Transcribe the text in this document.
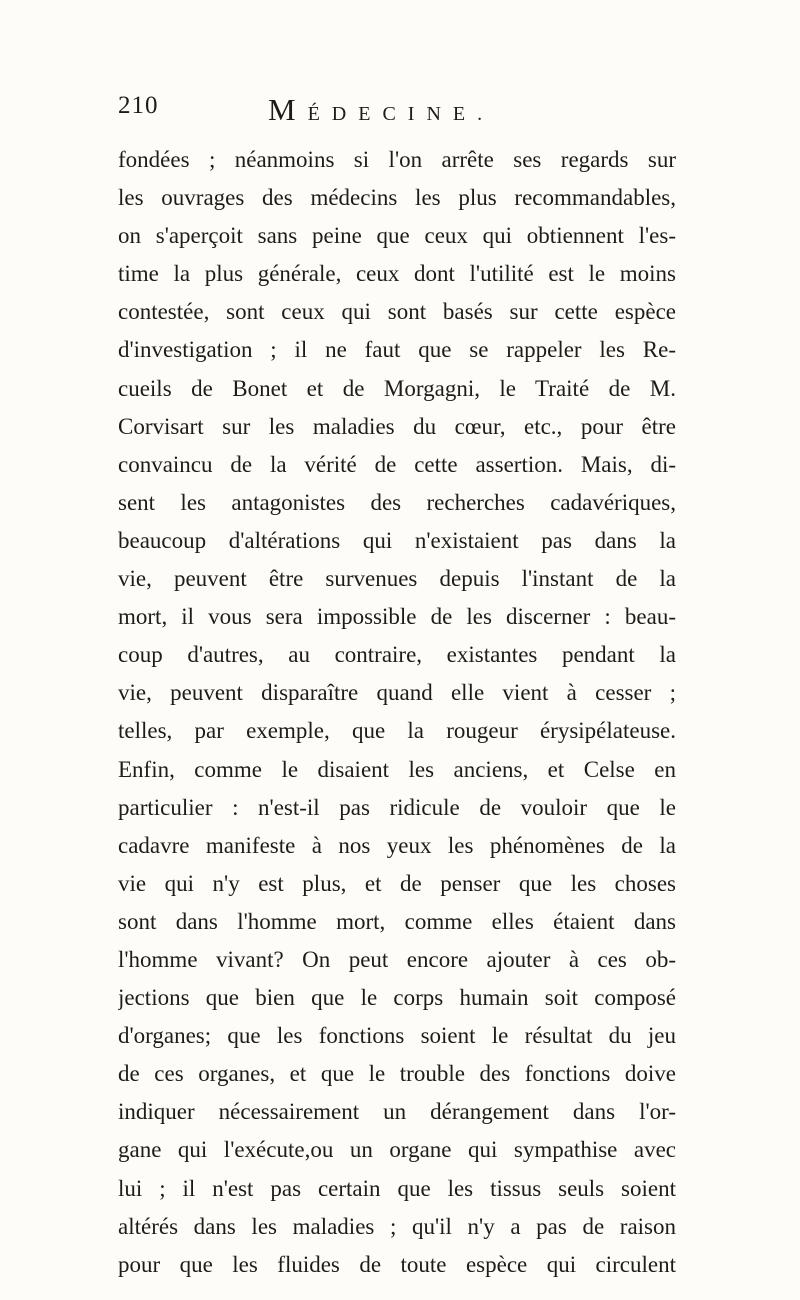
210	MÉDECINE.
fondées ; néanmoins si l'on arrête ses regards sur
les ouvrages des médecins les plus recommandables,
on s'aperçoit sans peine que ceux qui obtiennent l'es-
time la plus générale, ceux dont l'utilité est le moins
contestée, sont ceux qui sont basés sur cette espèce
d'investigation ; il ne faut que se rappeler les Re-
cueils de Bonet et de Morgagni, le Traité de M.
Corvisart sur les maladies du cœur, etc., pour être
convaincu de la vérité de cette assertion. Mais, di-
sent les antagonistes des recherches cadavériques,
beaucoup d'altérations qui n'existaient pas dans la
vie, peuvent être survenues depuis l'instant de la
mort, il vous sera impossible de les discerner : beau-
coup d'autres, au contraire, existantes pendant la
vie, peuvent disparaître quand elle vient à cesser ;
telles, par exemple, que la rougeur érysipélateuse.
Enfin, comme le disaient les anciens, et Celse en
particulier : n'est-il pas ridicule de vouloir que le
cadavre manifeste à nos yeux les phénomènes de la
vie qui n'y est plus, et de penser que les choses
sont dans l'homme mort, comme elles étaient dans
l'homme vivant? On peut encore ajouter à ces ob-
jections que bien que le corps humain soit composé
d'organes; que les fonctions soient le résultat du jeu
de ces organes, et que le trouble des fonctions doive
indiquer nécessairement un dérangement dans l'or-
gane qui l'exécute,ou un organe qui sympathise avec
lui ; il n'est pas certain que les tissus seuls soient
altérés dans les maladies ; qu'il n'y a pas de raison
pour que les fluides de toute espèce qui circulent
